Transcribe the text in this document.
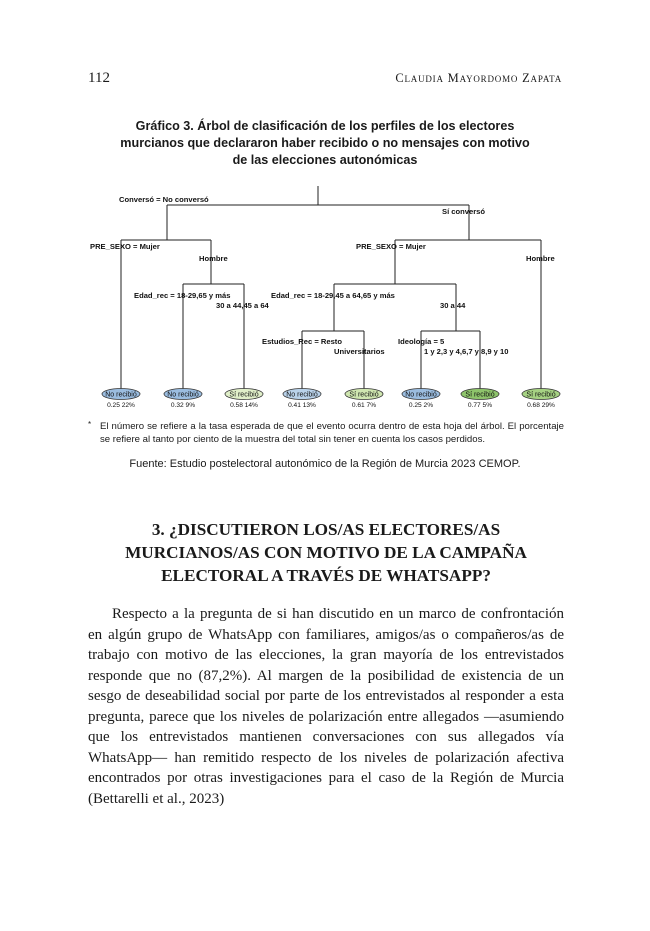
112	Claudia Mayordomo Zapata
Gráfico 3. Árbol de clasificación de los perfiles de los electores murcianos que declararon haber recibido o no mensajes con motivo de las elecciones autonómicas
Conversó = No conversó
Sí conversó
PRE_SEXO = Mujer
Hombre
PRE_SEXO = Mujer
Hombre
Edad_rec = 18-29,65 y más
30 a 44,45 a 64
Edad_rec = 18-29,45 a 64,65 y más
30 a 44
Estudios_Rec = Resto
Universitarios
Ideología = 5
1 y 2,3 y 4,6,7 y 8,9 y 10
No recibió
0.25 22%
No recibió
0.32 9%
Sí recibió
0.58 14%
No recibió
0.41 13%
Sí recibió
0.61 7%
No recibió
0.25 2%
Sí recibió
0.77 5%
Sí recibió
0.68 29%
* El número se refiere a la tasa esperada de que el evento ocurra dentro de esta hoja del árbol. El porcentaje se refiere al tanto por ciento de la muestra del total sin tener en cuenta los casos perdidos.
Fuente: Estudio postelectoral autonómico de la Región de Murcia 2023 CEMOP.
3. ¿DISCUTIERON LOS/AS ELECTORES/AS MURCIANOS/AS CON MOTIVO DE LA CAMPAÑA ELECTORAL A TRAVÉS DE WHATSAPP?

Respecto a la pregunta de si han discutido en un marco de confrontación en algún grupo de WhatsApp con familiares, amigos/as o compañeros/as de trabajo con motivo de las elecciones, la gran mayoría de los entrevistados responde que no (87,2%). Al margen de la posibilidad de existencia de un sesgo de deseabilidad social por parte de los entrevistados al responder a esta pregunta, parece que los niveles de polarización entre allegados —asumiendo que los entrevistados mantienen conversaciones con sus allegados vía WhatsApp— han remitido respecto de los niveles de polarización afectiva encontrados por otras investigaciones para el caso de la Región de Murcia (Bettarelli et al., 2023)
